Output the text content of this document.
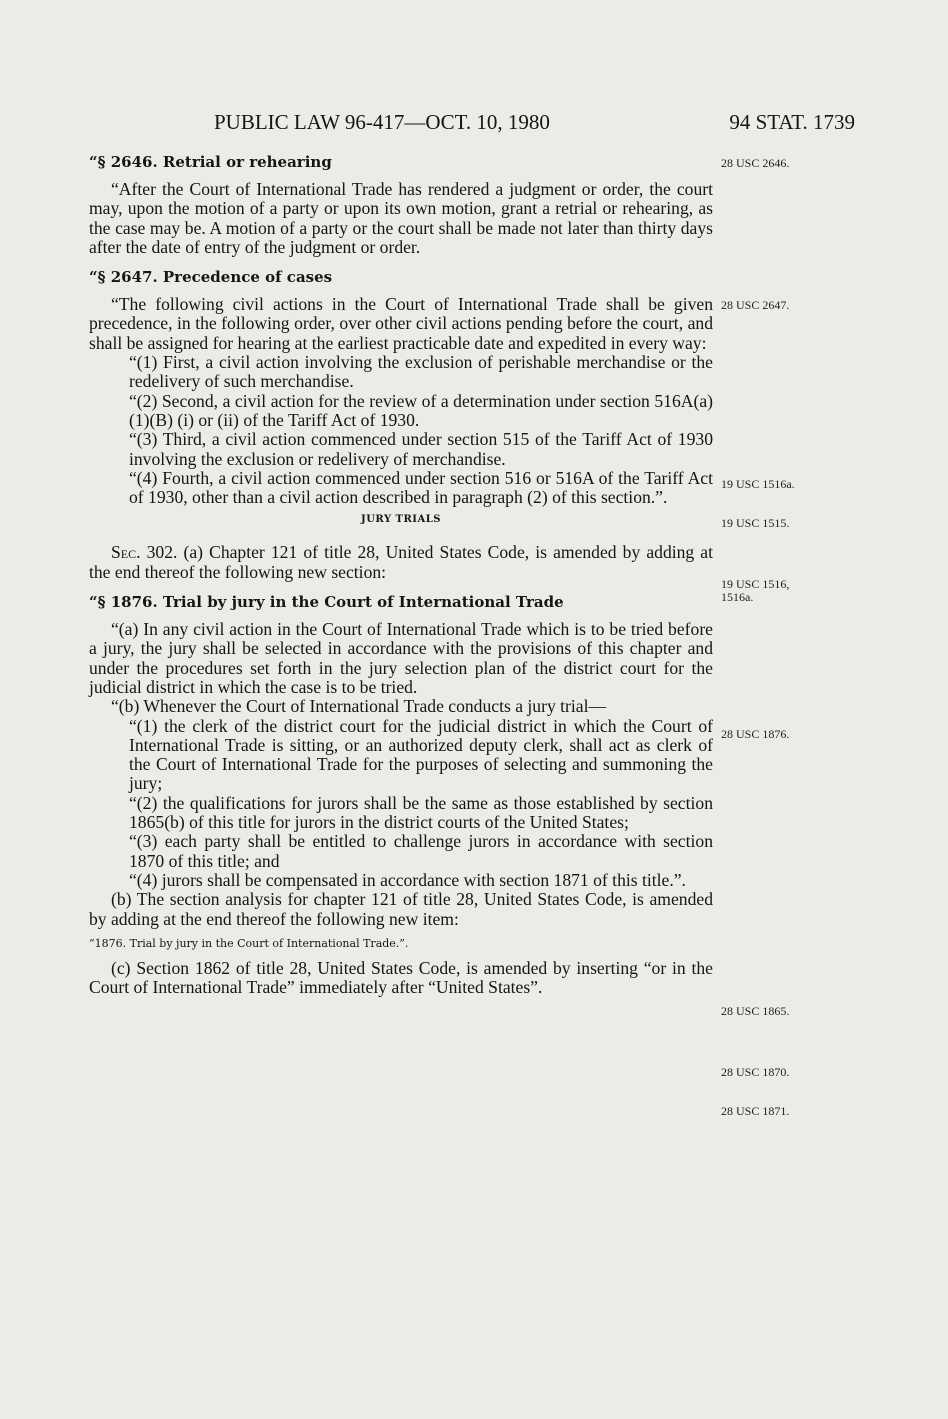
PUBLIC LAW 96-417—OCT. 10, 1980	94 STAT. 1739
“§ 2646. Retrial or rehearing

“After the Court of International Trade has rendered a judgment or order, the court may, upon the motion of a party or upon its own motion, grant a retrial or rehearing, as the case may be. A motion of a party or the court shall be made not later than thirty days after the date of entry of the judgment or order.

“§ 2647. Precedence of cases

“The following civil actions in the Court of International Trade shall be given precedence, in the following order, over other civil actions pending before the court, and shall be assigned for hearing at the earliest practicable date and expedited in every way:

“(1) First, a civil action involving the exclusion of perishable merchandise or the redelivery of such merchandise.

“(2) Second, a civil action for the review of a determination under section 516A(a)(1)(B) (i) or (ii) of the Tariff Act of 1930.

“(3) Third, a civil action commenced under section 515 of the Tariff Act of 1930 involving the exclusion or redelivery of merchandise.

“(4) Fourth, a civil action commenced under section 516 or 516A of the Tariff Act of 1930, other than a civil action described in paragraph (2) of this section.”.

JURY TRIALS

Sec. 302. (a) Chapter 121 of title 28, United States Code, is amended by adding at the end thereof the following new section:

“§ 1876. Trial by jury in the Court of International Trade

“(a) In any civil action in the Court of International Trade which is to be tried before a jury, the jury shall be selected in accordance with the provisions of this chapter and under the procedures set forth in the jury selection plan of the district court for the judicial district in which the case is to be tried.

“(b) Whenever the Court of International Trade conducts a jury trial—

“(1) the clerk of the district court for the judicial district in which the Court of International Trade is sitting, or an authorized deputy clerk, shall act as clerk of the Court of International Trade for the purposes of selecting and summoning the jury;

“(2) the qualifications for jurors shall be the same as those established by section 1865(b) of this title for jurors in the district courts of the United States;

“(3) each party shall be entitled to challenge jurors in accordance with section 1870 of this title; and

“(4) jurors shall be compensated in accordance with section 1871 of this title.”.

(b) The section analysis for chapter 121 of title 28, United States Code, is amended by adding at the end thereof the following new item:

“1876. Trial by jury in the Court of International Trade.”.

(c) Section 1862 of title 28, United States Code, is amended by inserting “or in the Court of International Trade” immediately after “United States”.

28 USC 2646.
28 USC 2647.
19 USC 1516a.
19 USC 1515.
19 USC 1516, 1516a.
28 USC 1876.
28 USC 1865.
28 USC 1870.
28 USC 1871.
